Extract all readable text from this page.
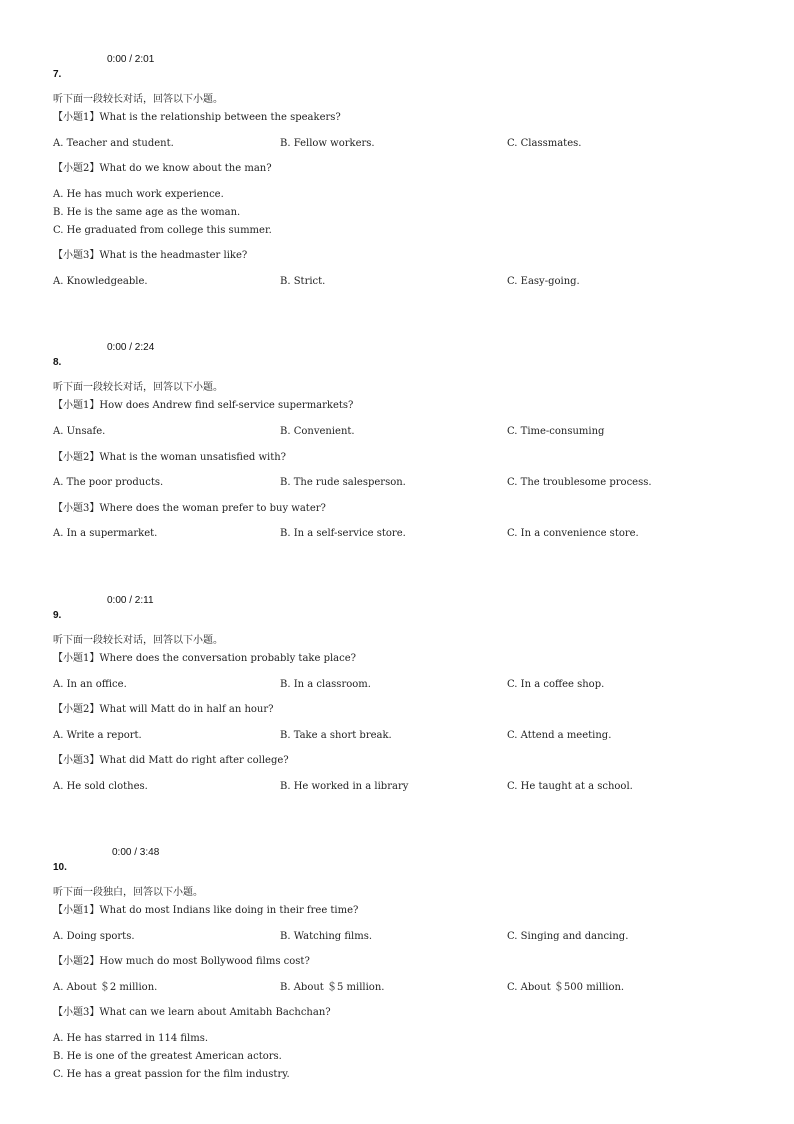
0:00 / 2:01
7.
听下面一段较长对话，回答以下小题。
【小题1】What is the relationship between the speakers?
A. Teacher and student.	B. Fellow workers.	C. Classmates.
【小题2】What do we know about the man?
A. He has much work experience.
B. He is the same age as the woman.
C. He graduated from college this summer.
【小题3】What is the headmaster like?
A. Knowledgeable.	B. Strict.	C. Easy-going.
0:00 / 2:24
8.
听下面一段较长对话，回答以下小题。
【小题1】How does Andrew find self-service supermarkets?
A. Unsafe.	B. Convenient.	C. Time-consuming
【小题2】What is the woman unsatisfied with?
A. The poor products.	B. The rude salesperson.	C. The troublesome process.
【小题3】Where does the woman prefer to buy water?
A. In a supermarket.	B. In a self-service store.	C. In a convenience store.
0:00 / 2:11
9.
听下面一段较长对话，回答以下小题。
【小题1】Where does the conversation probably take place?
A. In an office.	B. In a classroom.	C. In a coffee shop.
【小题2】What will Matt do in half an hour?
A. Write a report.	B. Take a short break.	C. Attend a meeting.
【小题3】What did Matt do right after college?
A. He sold clothes.	B. He worked in a library	C. He taught at a school.
0:00 / 3:48
10.
听下面一段独白，回答以下小题。
【小题1】What do most Indians like doing in their free time?
A. Doing sports.	B. Watching films.	C. Singing and dancing.
【小题2】How much do most Bollywood films cost?
A. About ＄2 million.	B. About ＄5 million.	C. About ＄500 million.
【小题3】What can we learn about Amitabh Bachchan?
A. He has starred in 114 films.
B. He is one of the greatest American actors.
C. He has a great passion for the film industry.
